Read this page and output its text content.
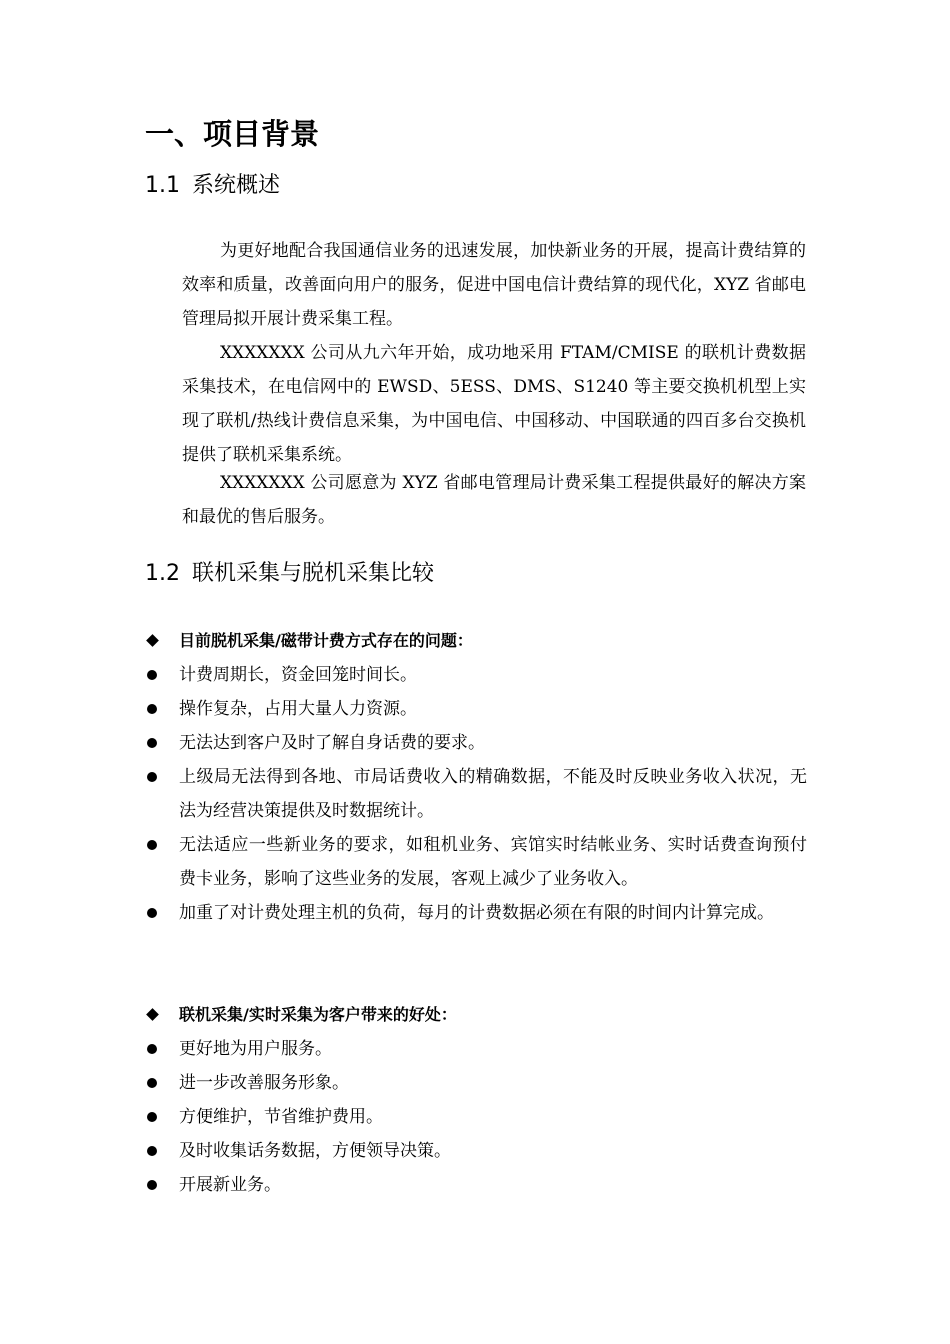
一、项目背景
1.1 系统概述
为更好地配合我国通信业务的迅速发展，加快新业务的开展，提高计费结算的效率和质量，改善面向用户的服务，促进中国电信计费结算的现代化，XYZ 省邮电管理局拟开展计费采集工程。
XXXXXXX 公司从九六年开始，成功地采用 FTAM/CMISE 的联机计费数据采集技术，在电信网中的 EWSD、5ESS、DMS、S1240 等主要交换机机型上实现了联机/热线计费信息采集，为中国电信、中国移动、中国联通的四百多台交换机提供了联机采集系统。
XXXXXXX 公司愿意为 XYZ 省邮电管理局计费采集工程提供最好的解决方案和最优的售后服务。
1.2 联机采集与脱机采集比较
目前脱机采集/磁带计费方式存在的问题：
计费周期长，资金回笼时间长。
操作复杂，占用大量人力资源。
无法达到客户及时了解自身话费的要求。
上级局无法得到各地、市局话费收入的精确数据，不能及时反映业务收入状况，无法为经营决策提供及时数据统计。
无法适应一些新业务的要求，如租机业务、宾馆实时结帐业务、实时话费查询预付费卡业务，影响了这些业务的发展，客观上减少了业务收入。
加重了对计费处理主机的负荷，每月的计费数据必须在有限的时间内计算完成。
联机采集/实时采集为客户带来的好处：
更好地为用户服务。
进一步改善服务形象。
方便维护，节省维护费用。
及时收集话务数据，方便领导决策。
开展新业务。
